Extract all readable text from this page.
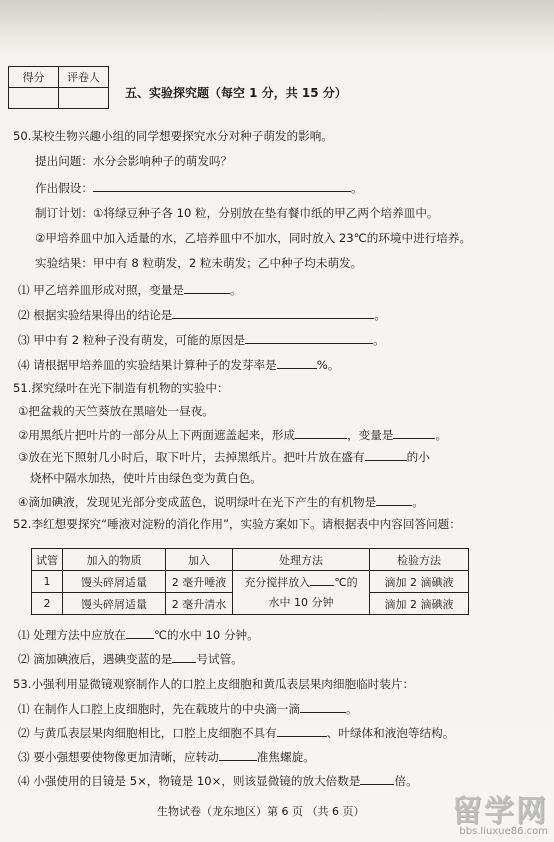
得分	评卷人

五、实验探究题（每空 1 分，共 15 分）
50.某校生物兴趣小组的同学想要探究水分对种子萌发的影响。
提出问题：水分会影响种子的萌发吗？
作出假设：	。
制订计划：①将绿豆种子各 10 粒，分别放在垫有餐巾纸的甲乙两个培养皿中。
②甲培养皿中加入适量的水，乙培养皿中不加水，同时放入 23℃的环境中进行培养。
实验结果：甲中有 8 粒萌发，2 粒未萌发；乙中种子均未萌发。
⑴ 甲乙培养皿形成对照，变量是	。
⑵ 根据实验结果得出的结论是	。
⑶ 甲中有 2 粒种子没有萌发，可能的原因是	。
⑷ 请根据甲培养皿的实验结果计算种子的发芽率是	%。
51.探究绿叶在光下制造有机物的实验中：
①把盆栽的天竺葵放在黑暗处一昼夜。
②用黑纸片把叶片的一部分从上下两面遮盖起来，形成	，变量是	。
③放在光下照射几小时后，取下叶片，去掉黑纸片。把叶片放在盛有	的小
烧杯中隔水加热，使叶片由绿色变为黄白色。
④滴加碘液，发现见光部分变成蓝色，说明绿叶在光下产生的有机物是	。
52.李红想要探究“唾液对淀粉的消化作用”，实验方案如下。请根据表中内容回答问题：
试管	加入的物质	加入	处理方法	检验方法
1	馒头碎屑适量	2 毫升唾液	充分搅拌放入 ℃的
水中 10 分钟	滴加 2 滴碘液
2	馒头碎屑适量	2 毫升清水		滴加 2 滴碘液
⑴ 处理方法中应放在 ℃的水中 10 分钟。
⑵ 滴加碘液后，遇碘变蓝的是 号试管。
53.小强利用显微镜观察制作人的口腔上皮细胞和黄瓜表层果肉细胞临时装片：
⑴ 在制作人口腔上皮细胞时，先在载玻片的中央滴一滴	。
⑵ 与黄瓜表层果肉细胞相比，口腔上皮细胞不具有	、叶绿体和液泡等结构。
⑶ 要小强想要使物像更加清晰，应转动	准焦螺旋。
⑷ 小强使用的目镜是 5×，物镜是 10×，则该显微镜的放大倍数是	倍。
生物试卷（龙东地区）第 6 页 （共 6 页）	留学网
bbs.liuxue86.com
